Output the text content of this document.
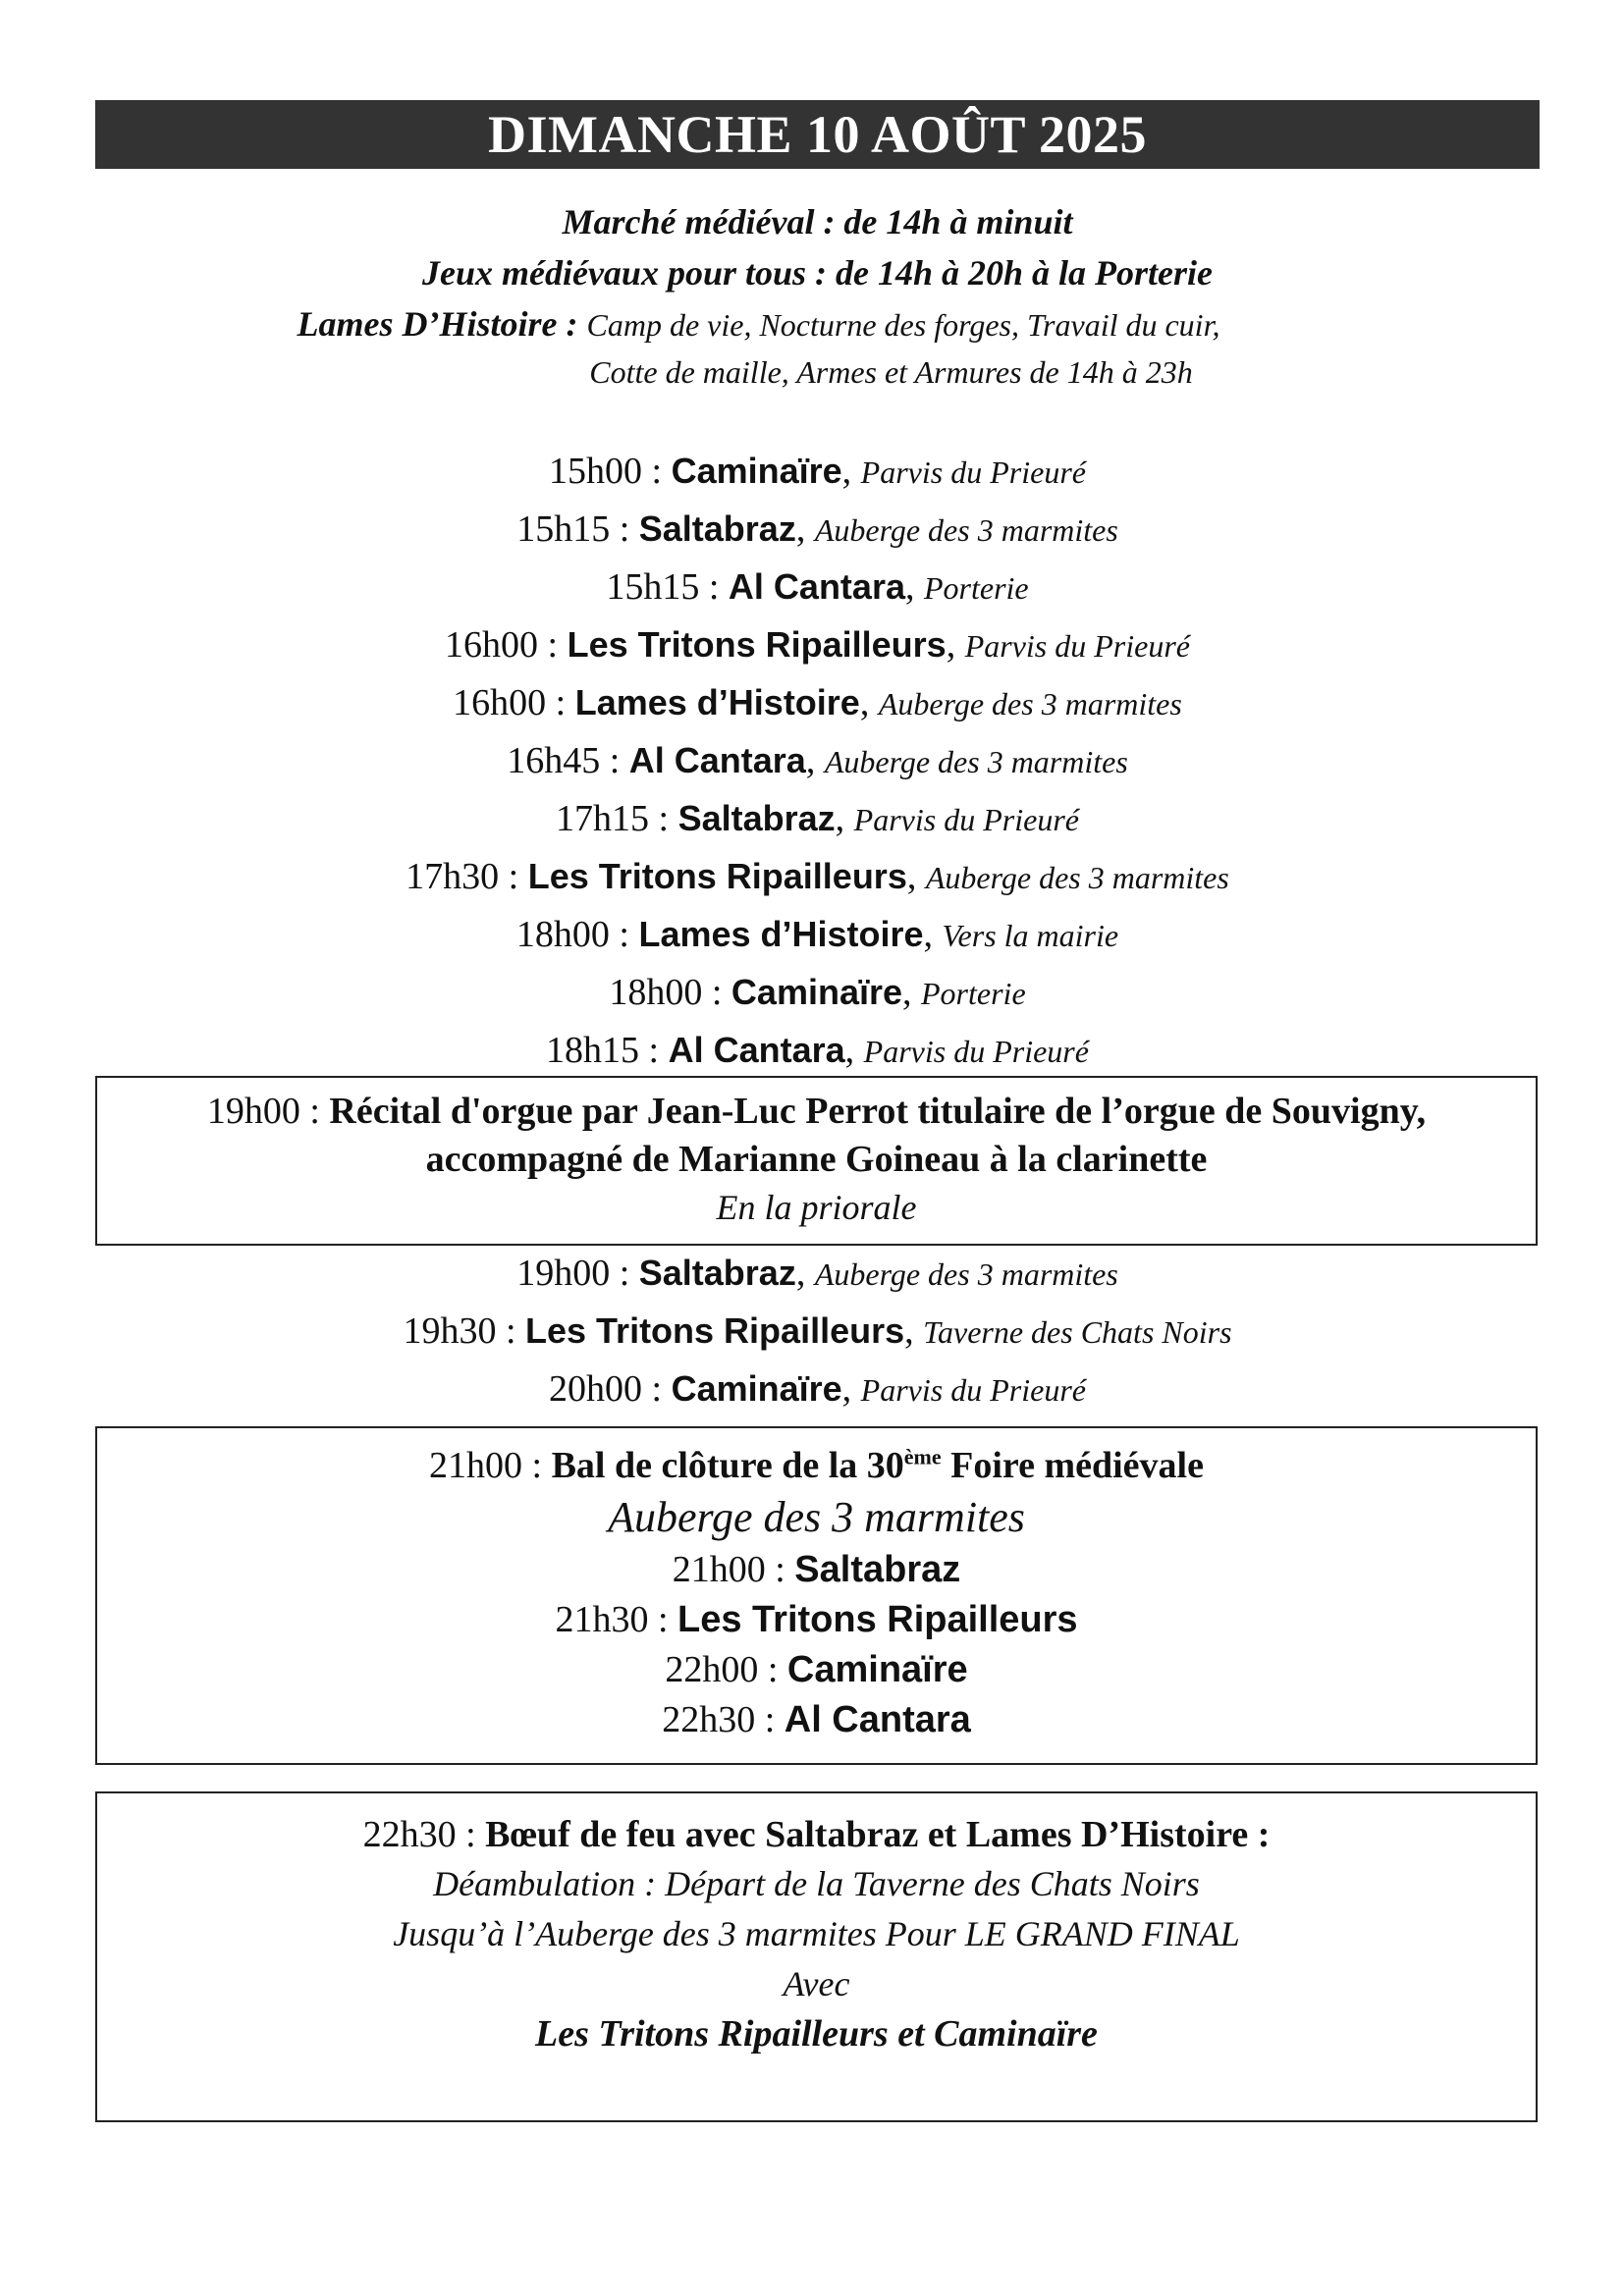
DIMANCHE 10 AOÛT 2025
Marché médiéval : de 14h à minuit
Jeux médiévaux pour tous : de 14h à 20h à la Porterie
Lames D’Histoire : Camp de vie, Nocturne des forges, Travail du cuir,
Cotte de maille, Armes et Armures de 14h à 23h
15h00 : Caminaïre, Parvis du Prieuré
15h15 : Saltabraz, Auberge des 3 marmites
15h15 : Al Cantara, Porterie
16h00 : Les Tritons Ripailleurs, Parvis du Prieuré
16h00 : Lames d’Histoire, Auberge des 3 marmites
16h45 : Al Cantara, Auberge des 3 marmites
17h15 : Saltabraz, Parvis du Prieuré
17h30 : Les Tritons Ripailleurs, Auberge des 3 marmites
18h00 : Lames d’Histoire, Vers la mairie
18h00 : Caminaïre, Porterie
18h15 : Al Cantara, Parvis du Prieuré
19h00 : Récital d'orgue par Jean-Luc Perrot titulaire de l’orgue de Souvigny,
accompagné de Marianne Goineau à la clarinette
En la priorale
19h00 : Saltabraz, Auberge des 3 marmites
19h30 : Les Tritons Ripailleurs, Taverne des Chats Noirs
20h00 : Caminaïre, Parvis du Prieuré
21h00 : Bal de clôture de la 30ème Foire médiévale
Auberge des 3 marmites
21h00 : Saltabraz
21h30 : Les Tritons Ripailleurs
22h00 : Caminaïre
22h30 : Al Cantara
22h30 : Bœuf de feu avec Saltabraz et Lames D’Histoire :
Déambulation : Départ de la Taverne des Chats Noirs
Jusqu’à l’Auberge des 3 marmites Pour LE GRAND FINAL
Avec
Les Tritons Ripailleurs et Caminaïre
